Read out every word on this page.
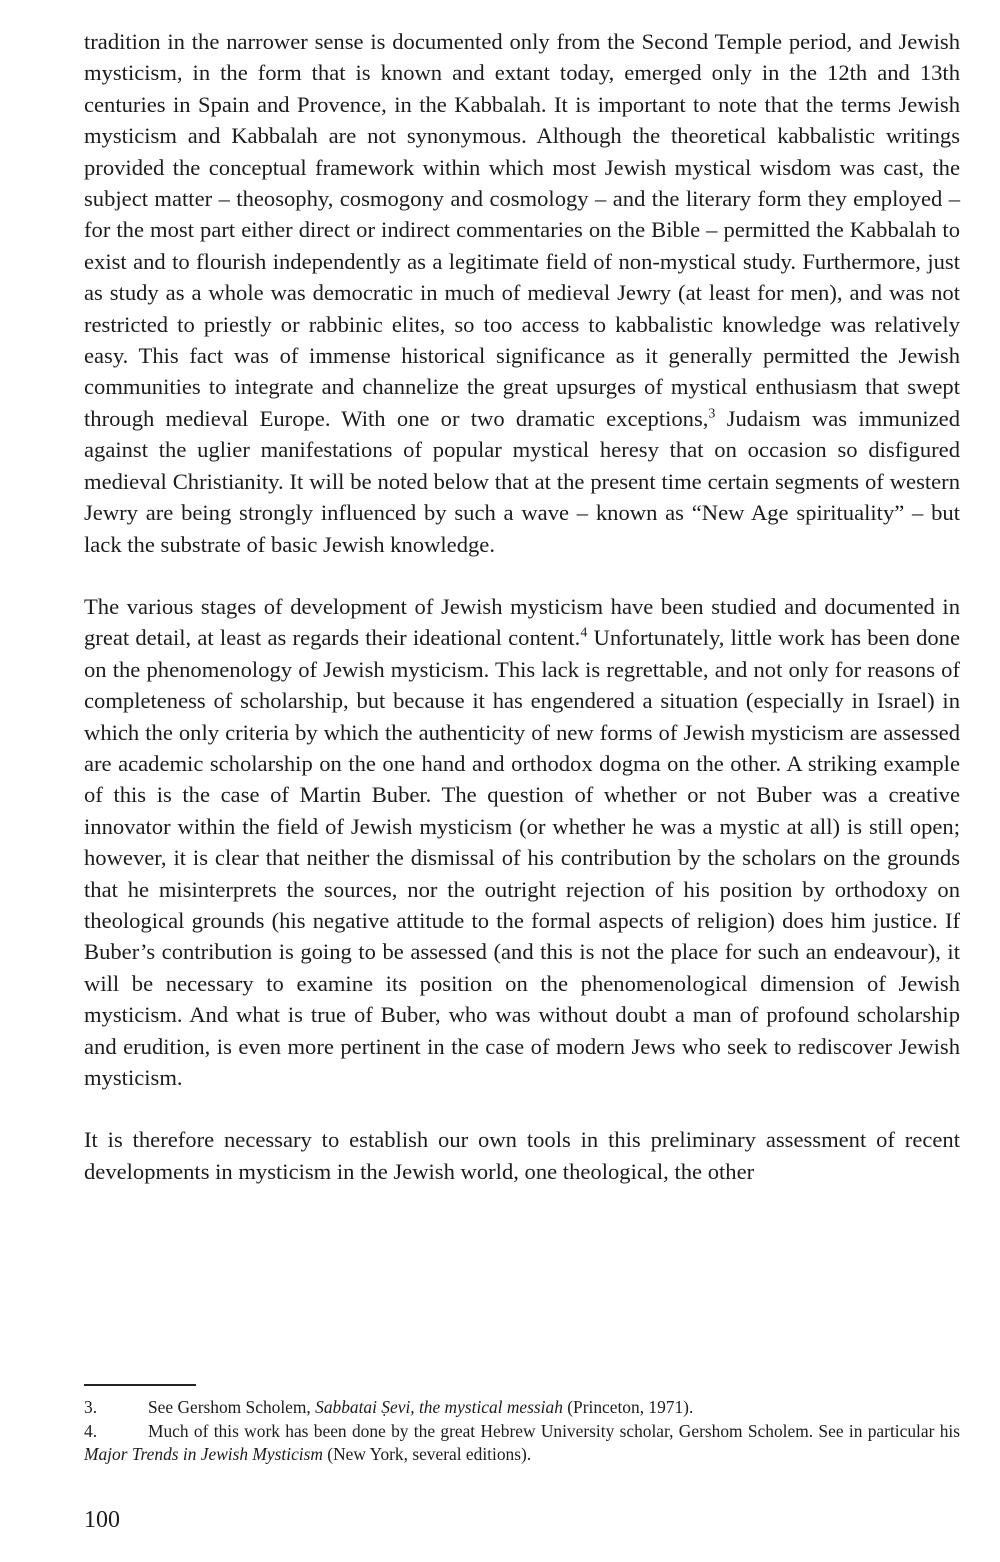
tradition in the narrower sense is documented only from the Second Temple period, and Jewish mysticism, in the form that is known and extant today, emerged only in the 12th and 13th centuries in Spain and Provence, in the Kabbalah. It is important to note that the terms Jewish mysticism and Kabbalah are not synonymous. Although the theoretical kabbalistic writings provided the conceptual framework within which most Jewish mystical wisdom was cast, the subject matter – theosophy, cosmogony and cosmology – and the literary form they employed – for the most part either direct or indirect commentaries on the Bible – permitted the Kabbalah to exist and to flourish independently as a legitimate field of non-mystical study. Furthermore, just as study as a whole was democratic in much of medieval Jewry (at least for men), and was not restricted to priestly or rabbinic elites, so too access to kabbalistic knowledge was relatively easy. This fact was of immense historical significance as it generally permitted the Jewish communities to integrate and channelize the great upsurges of mystical enthusiasm that swept through medieval Europe. With one or two dramatic exceptions,$^3$ Judaism was immunized against the uglier manifestations of popular mystical heresy that on occasion so disfigured medieval Christianity. It will be noted below that at the present time certain segments of western Jewry are being strongly influenced by such a wave – known as “New Age spirituality” – but lack the substrate of basic Jewish knowledge.

The various stages of development of Jewish mysticism have been studied and documented in great detail, at least as regards their ideational content.$^4$ Unfortunately, little work has been done on the phenomenology of Jewish mysticism. This lack is regrettable, and not only for reasons of completeness of scholarship, but because it has engendered a situation (especially in Israel) in which the only criteria by which the authenticity of new forms of Jewish mysticism are assessed are academic scholarship on the one hand and orthodox dogma on the other. A striking example of this is the case of Martin Buber. The question of whether or not Buber was a creative innovator within the field of Jewish mysticism (or whether he was a mystic at all) is still open; however, it is clear that neither the dismissal of his contribution by the scholars on the grounds that he misinterprets the sources, nor the outright rejection of his position by orthodoxy on theological grounds (his negative attitude to the formal aspects of religion) does him justice. If Buber’s contribution is going to be assessed (and this is not the place for such an endeavour), it will be necessary to examine its position on the phenomenological dimension of Jewish mysticism. And what is true of Buber, who was without doubt a man of profound scholarship and erudition, is even more pertinent in the case of modern Jews who seek to rediscover Jewish mysticism.

It is therefore necessary to establish our own tools in this preliminary assessment of recent developments in mysticism in the Jewish world, one theological, the other

3.	See Gershom Scholem, Sabbatai Ṣevi, the mystical messiah (Princeton, 1971).

4.	Much of this work has been done by the great Hebrew University scholar, Gershom Scholem. See in particular his Major Trends in Jewish Mysticism (New York, several editions).

100
